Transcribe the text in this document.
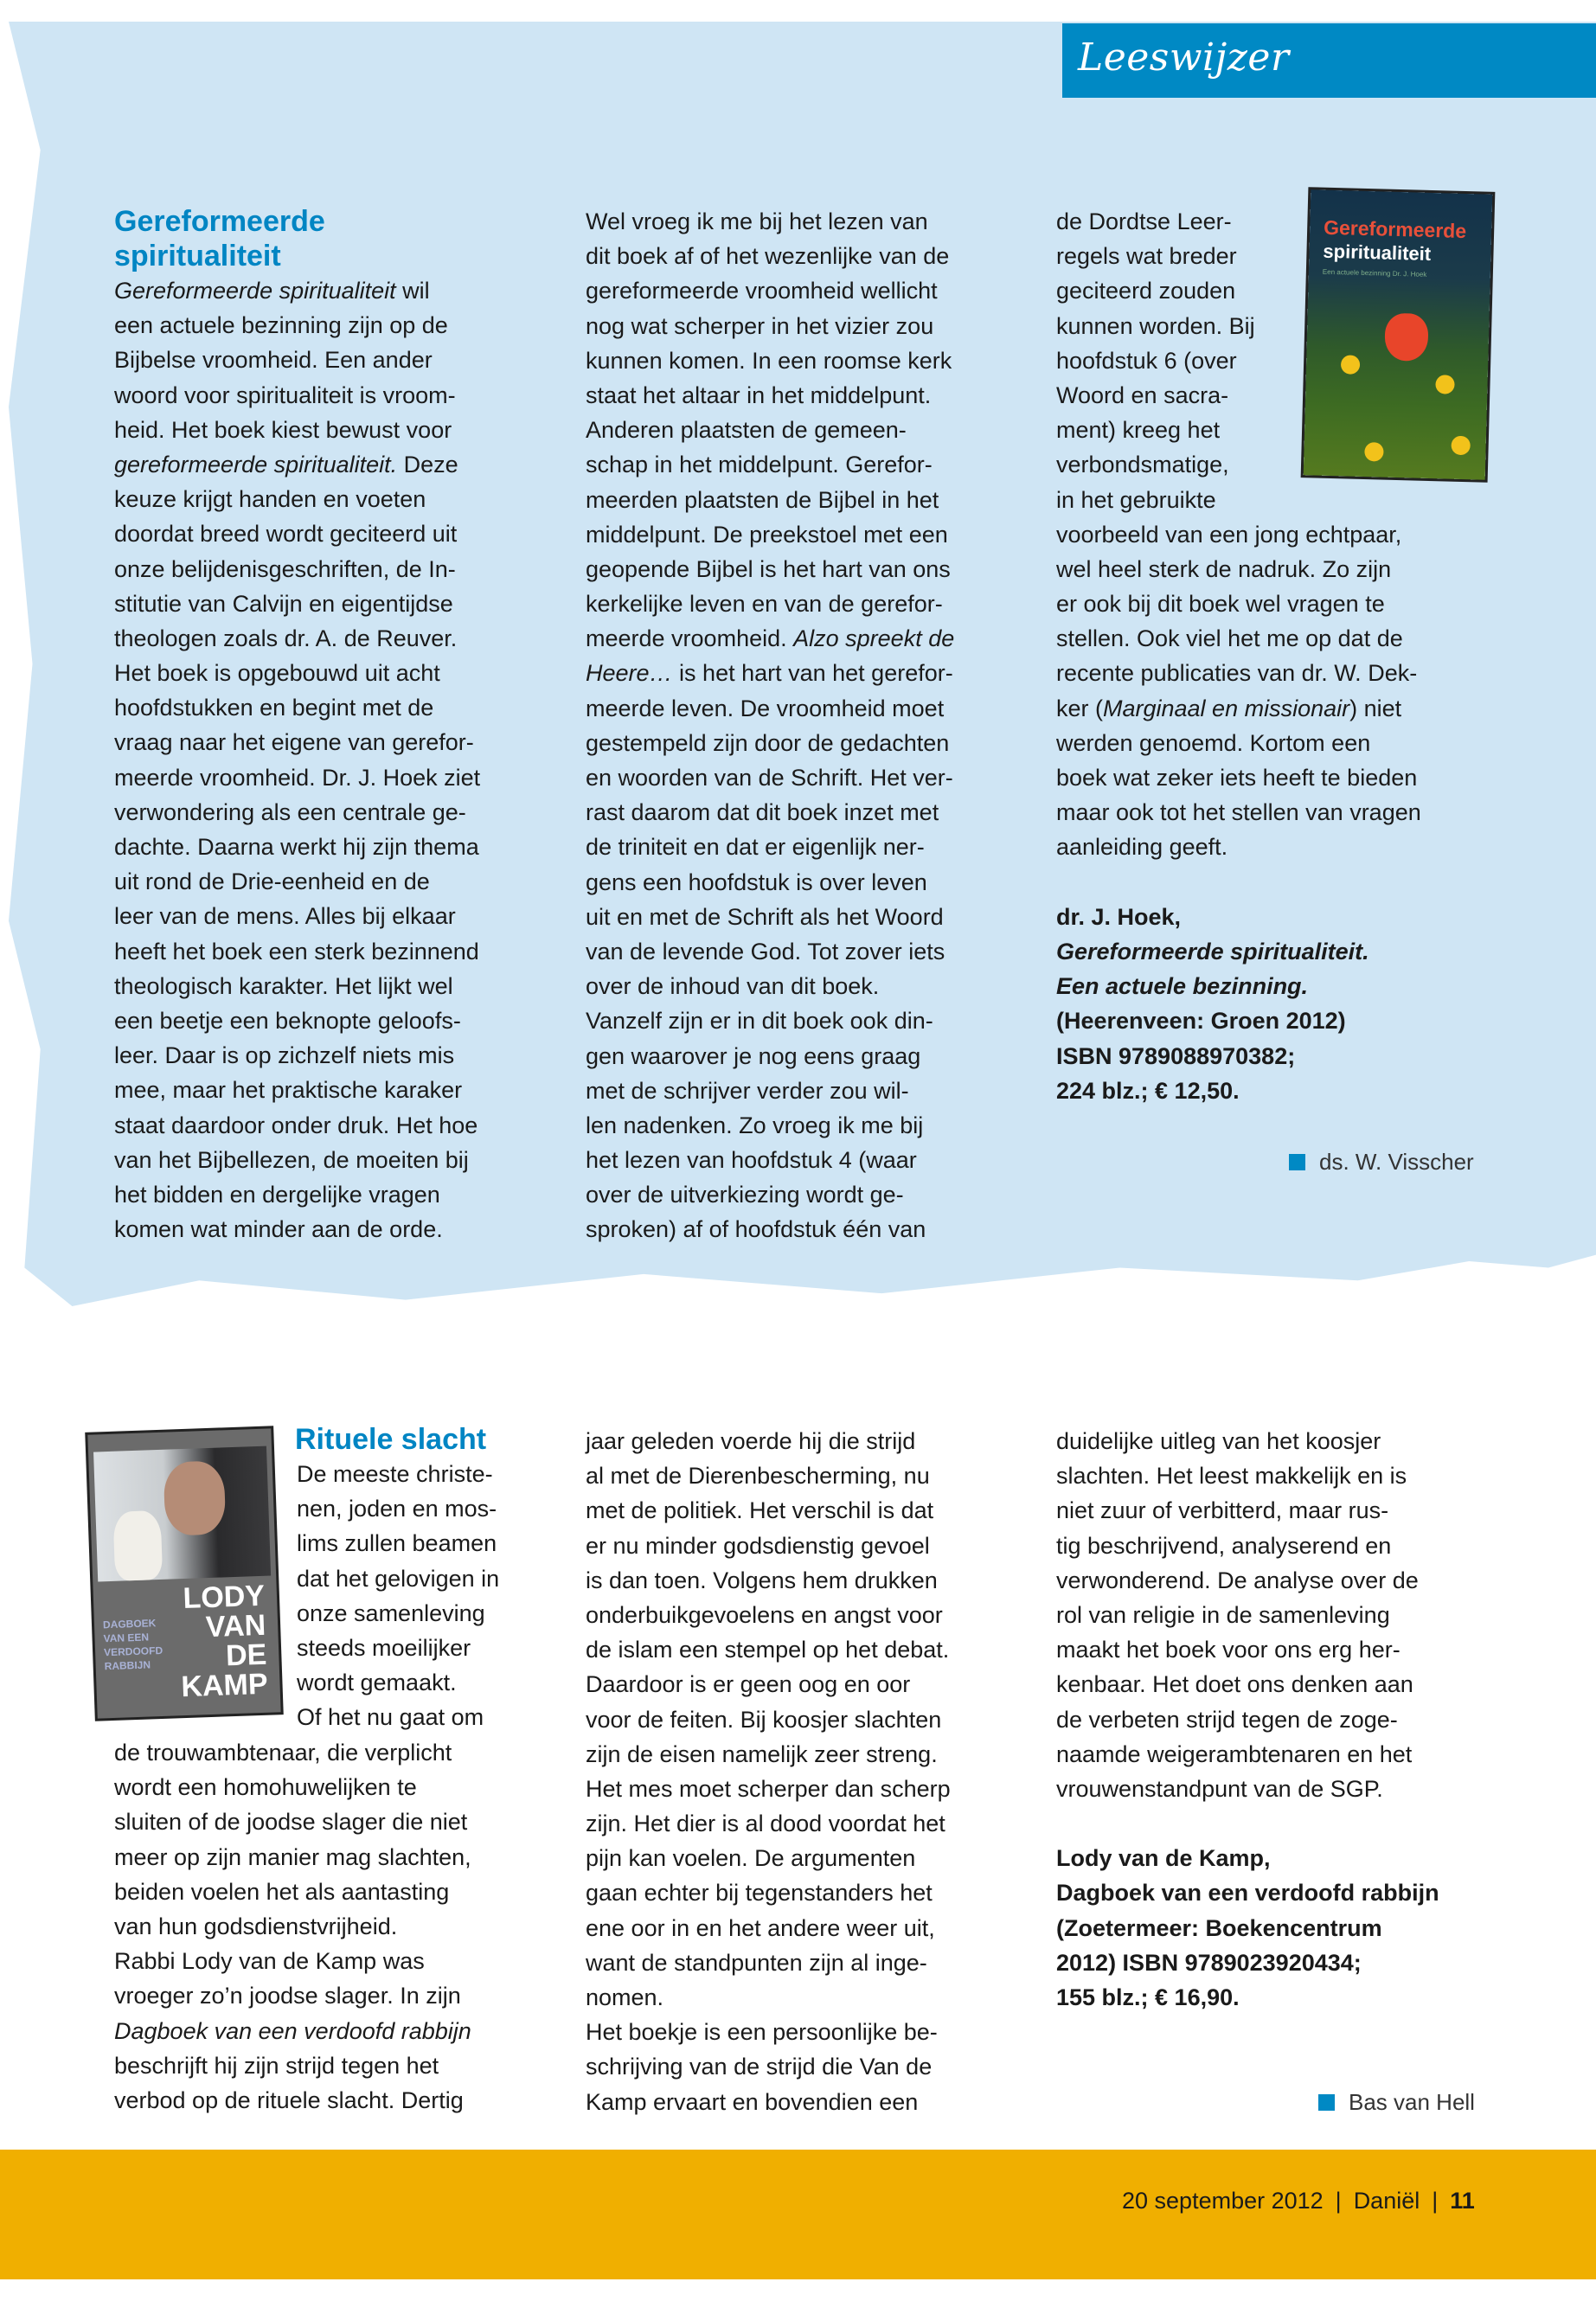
Leeswijzer
Gereformeerde
spiritualiteit
Gereformeerde spiritualiteit wil
een actuele bezinning zijn op de
Bijbelse vroomheid. Een ander
woord voor spiritualiteit is vroom-
heid. Het boek kiest bewust voor
gereformeerde spiritualiteit. Deze
keuze krijgt handen en voeten
doordat breed wordt geciteerd uit
onze belijdenisgeschriften, de In-
stitutie van Calvijn en eigentijdse
theologen zoals dr. A. de Reuver.
Het boek is opgebouwd uit acht
hoofdstukken en begint met de
vraag naar het eigene van gerefor-
meerde vroomheid. Dr. J. Hoek ziet
verwondering als een centrale ge-
dachte. Daarna werkt hij zijn thema
uit rond de Drie-eenheid en de
leer van de mens. Alles bij elkaar
heeft het boek een sterk bezinnend
theologisch karakter. Het lijkt wel
een beetje een beknopte geloofs-
leer. Daar is op zichzelf niets mis
mee, maar het praktische karaker
staat daardoor onder druk. Het hoe
van het Bijbellezen, de moeiten bij
het bidden en dergelijke vragen
komen wat minder aan de orde.
Wel vroeg ik me bij het lezen van
dit boek af of het wezenlijke van de
gereformeerde vroomheid wellicht
nog wat scherper in het vizier zou
kunnen komen. In een roomse kerk
staat het altaar in het middelpunt.
Anderen plaatsten de gemeen-
schap in het middelpunt. Gerefor-
meerden plaatsten de Bijbel in het
middelpunt. De preekstoel met een
geopende Bijbel is het hart van ons
kerkelijke leven en van de gerefor-
meerde vroomheid. Alzo spreekt de
Heere… is het hart van het gerefor-
meerde leven. De vroomheid moet
gestempeld zijn door de gedachten
en woorden van de Schrift. Het ver-
rast daarom dat dit boek inzet met
de triniteit en dat er eigenlijk ner-
gens een hoofdstuk is over leven
uit en met de Schrift als het Woord
van de levende God. Tot zover iets
over de inhoud van dit boek.
Vanzelf zijn er in dit boek ook din-
gen waarover je nog eens graag
met de schrijver verder zou wil-
len nadenken. Zo vroeg ik me bij
het lezen van hoofdstuk 4 (waar
over de uitverkiezing wordt ge-
sproken) af of hoofdstuk één van
de Dordtse Leer-
regels wat breder
geciteerd zouden
kunnen worden. Bij
hoofdstuk 6 (over
Woord en sacra-
ment) kreeg het
verbondsmatige,
in het gebruikte
voorbeeld van een jong echtpaar,
wel heel sterk de nadruk. Zo zijn
er ook bij dit boek wel vragen te
stellen. Ook viel het me op dat de
recente publicaties van dr. W. Dek-
ker (Marginaal en missionair) niet
werden genoemd. Kortom een
boek wat zeker iets heeft te bieden
maar ook tot het stellen van vragen
aanleiding geeft.
dr. J. Hoek,
Gereformeerde spiritualiteit.
Een actuele bezinning.
(Heerenveen: Groen 2012)
ISBN 9789088970382;
224 blz.; € 12,50.
Gereformeerde
spiritualiteit
Een actuele bezinning Dr. J. Hoek
ds. W. Visscher
LODY
VAN
DE
KAMP
DAGBOEK
VAN EEN
VERDOOFD
RABBIJN
Rituele slacht
De meeste christe-
nen, joden en mos-
lims zullen beamen
dat het gelovigen in
onze samenleving
steeds moeilijker
wordt gemaakt.
Of het nu gaat om
de trouwambtenaar, die verplicht
wordt een homohuwelijken te
sluiten of de joodse slager die niet
meer op zijn manier mag slachten,
beiden voelen het als aantasting
van hun godsdienstvrijheid.
Rabbi Lody van de Kamp was
vroeger zo’n joodse slager. In zijn
Dagboek van een verdoofd rabbijn
beschrijft hij zijn strijd tegen het
verbod op de rituele slacht. Dertig
jaar geleden voerde hij die strijd
al met de Dierenbescherming, nu
met de politiek. Het verschil is dat
er nu minder godsdienstig gevoel
is dan toen. Volgens hem drukken
onderbuikgevoelens en angst voor
de islam een stempel op het debat.
Daardoor is er geen oog en oor
voor de feiten. Bij koosjer slachten
zijn de eisen namelijk zeer streng.
Het mes moet scherper dan scherp
zijn. Het dier is al dood voordat het
pijn kan voelen. De argumenten
gaan echter bij tegenstanders het
ene oor in en het andere weer uit,
want de standpunten zijn al inge-
nomen.
Het boekje is een persoonlijke be-
schrijving van de strijd die Van de
Kamp ervaart en bovendien een
duidelijke uitleg van het koosjer
slachten. Het leest makkelijk en is
niet zuur of verbitterd, maar rus-
tig beschrijvend, analyserend en
verwonderend. De analyse over de
rol van religie in de samenleving
maakt het boek voor ons erg her-
kenbaar. Het doet ons denken aan
de verbeten strijd tegen de zoge-
naamde weigerambtenaren en het
vrouwenstandpunt van de SGP.
Lody van de Kamp,
Dagboek van een verdoofd rabbijn
(Zoetermeer: Boekencentrum
2012) ISBN 9789023920434;
155 blz.; € 16,90.
Bas van Hell
20 september 2012 | Daniël | 11
